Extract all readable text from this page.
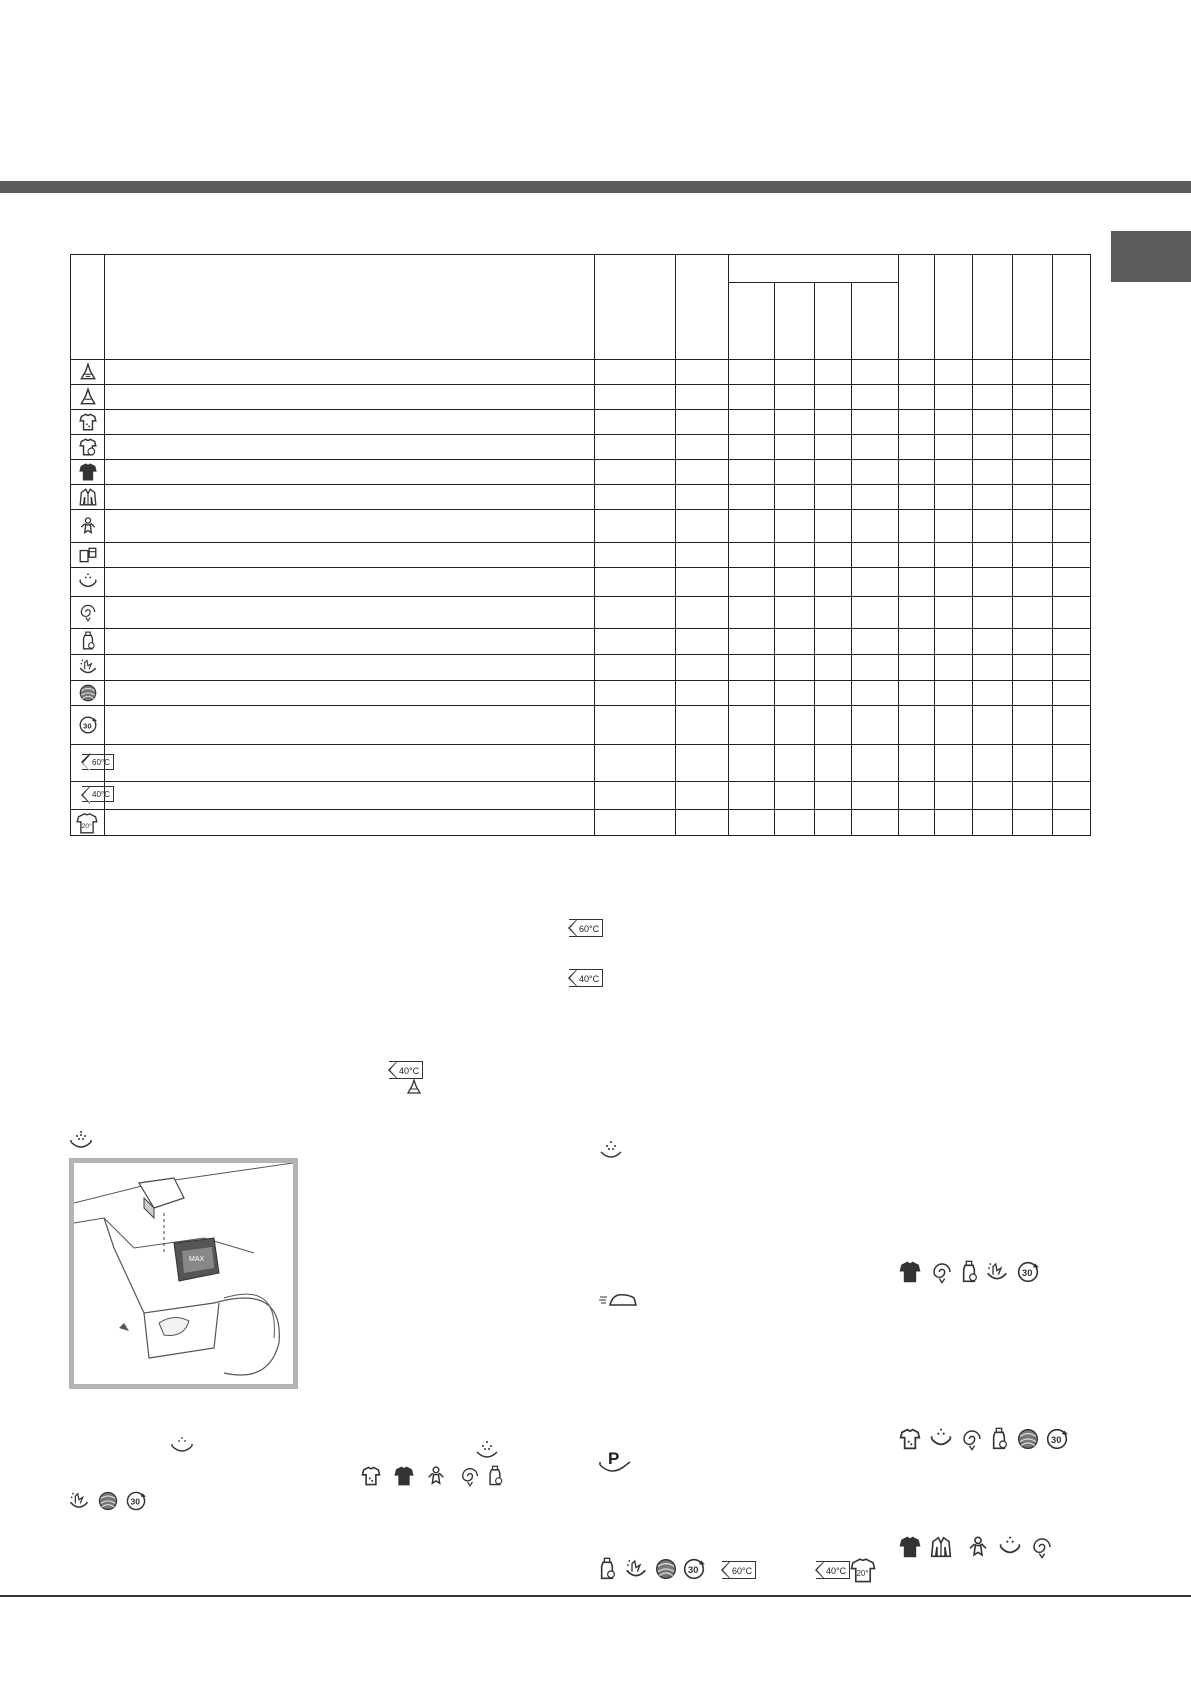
30
60°C
40°C
20°
60°C
40°C
40°C
MAX
30
P
30
30
30	60°C	40°C	20°
